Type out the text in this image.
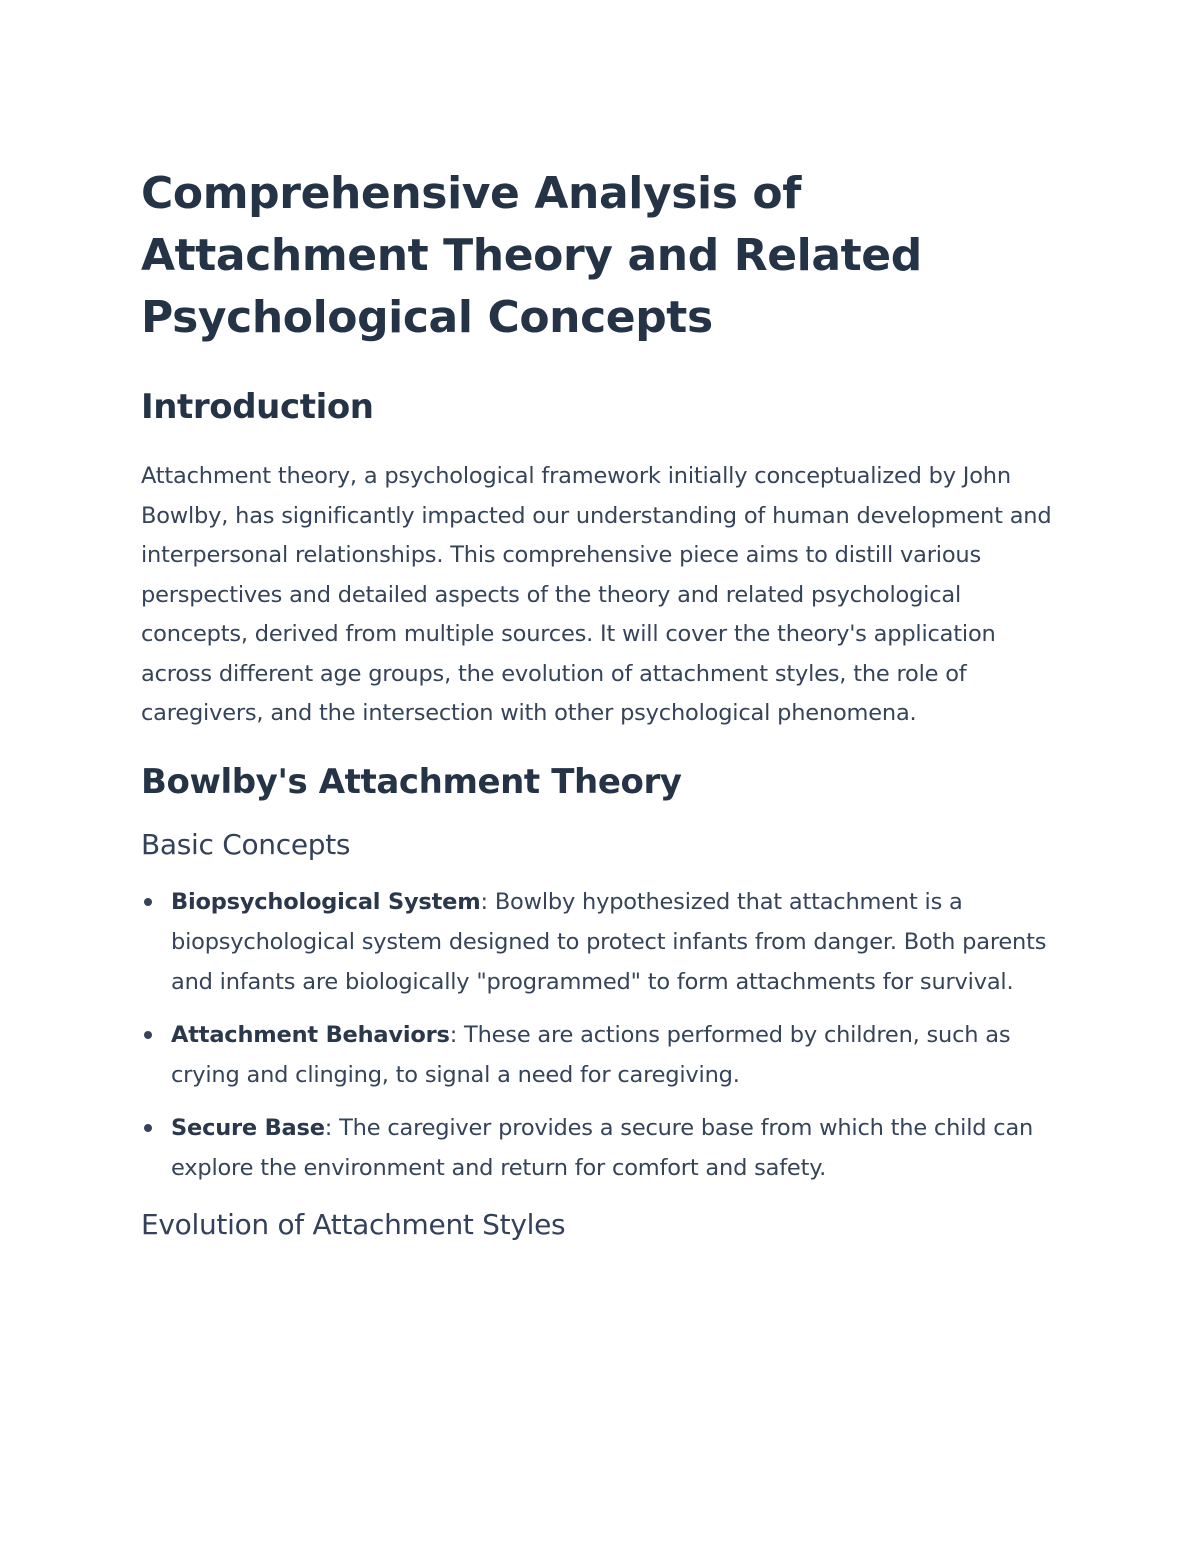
Comprehensive Analysis of Attachment Theory and Related Psychological Concepts
Introduction

Attachment theory, a psychological framework initially conceptualized by John Bowlby, has significantly impacted our understanding of human development and interpersonal relationships. This comprehensive piece aims to distill various perspectives and detailed aspects of the theory and related psychological concepts, derived from multiple sources. It will cover the theory's application across different age groups, the evolution of attachment styles, the role of caregivers, and the intersection with other psychological phenomena.

Bowlby's Attachment Theory
Basic Concepts
Biopsychological System: Bowlby hypothesized that attachment is a biopsychological system designed to protect infants from danger. Both parents and infants are biologically "programmed" to form attachments for survival.
Attachment Behaviors: These are actions performed by children, such as crying and clinging, to signal a need for caregiving.
Secure Base: The caregiver provides a secure base from which the child can explore the environment and return for comfort and safety.
Evolution of Attachment Styles
